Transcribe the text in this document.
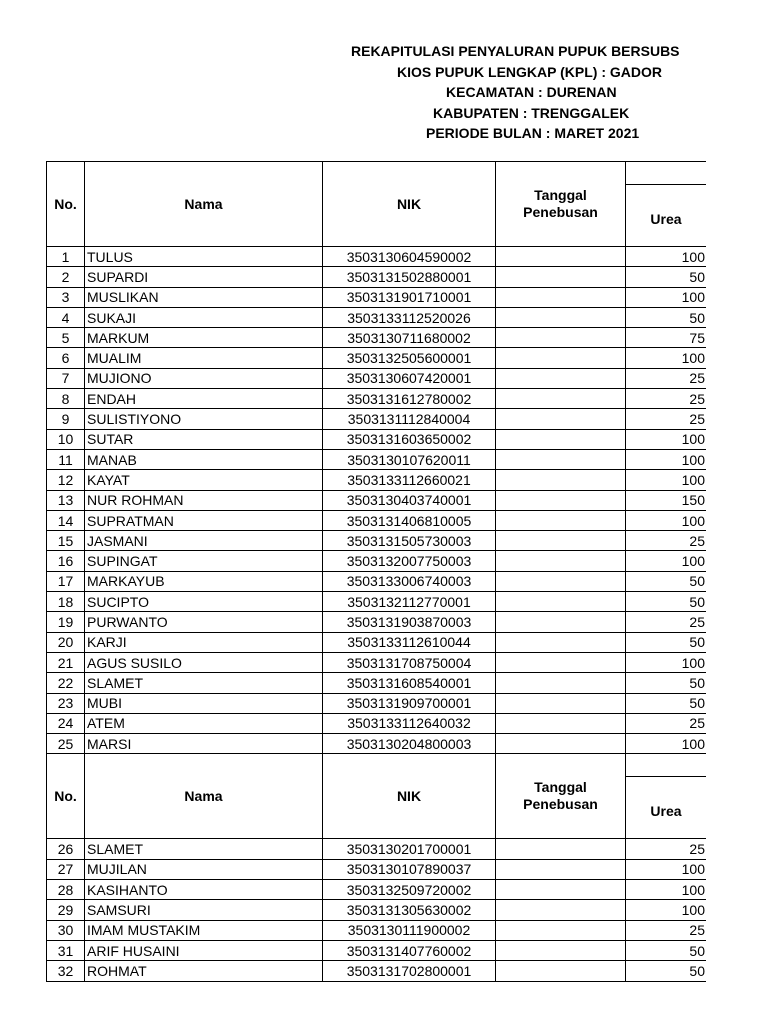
REKAPITULASI PENYALURAN PUPUK BERSUBS
KIOS PUPUK LENGKAP (KPL) : GADOR
KECAMATAN : DURENAN
KABUPATEN : TRENGGALEK
PERIODE BULAN : MARET 2021
No.	Nama	NIK	Tanggal
Penebusan		

				Urea	
1	TULUS	3503130604590002		100	
2	SUPARDI	3503131502880001		50	
3	MUSLIKAN	3503131901710001		100	
4	SUKAJI	3503133112520026		50	
5	MARKUM	3503130711680002		75	
6	MUALIM	3503132505600001		100	
7	MUJIONO	3503130607420001		25	
8	ENDAH	3503131612780002		25	
9	SULISTIYONO	3503131112840004		25	
10	SUTAR	3503131603650002		100	
11	MANAB	3503130107620011		100	
12	KAYAT	3503133112660021		100	
13	NUR ROHMAN	3503130403740001		150	
14	SUPRATMAN	3503131406810005		100	
15	JASMANI	3503131505730003		25	
16	SUPINGAT	3503132007750003		100	
17	MARKAYUB	3503133006740003		50	
18	SUCIPTO	3503132112770001		50	
19	PURWANTO	3503131903870003		25	
20	KARJI	3503133112610044		50	
21	AGUS SUSILO	3503131708750004		100	
22	SLAMET	3503131608540001		50	
23	MUBI	3503131909700001		50	
24	ATEM	3503133112640032		25	
25	MARSI	3503130204800003		100	
No.	Nama	NIK	Tanggal
Penebusan		

				Urea	
26	SLAMET	3503130201700001		25	
27	MUJILAN	3503130107890037		100	
28	KASIHANTO	3503132509720002		100	
29	SAMSURI	3503131305630002		100	
30	IMAM MUSTAKIM	3503130111900002		25	
31	ARIF HUSAINI	3503131407760002		50	
32	ROHMAT	3503131702800001		50	
